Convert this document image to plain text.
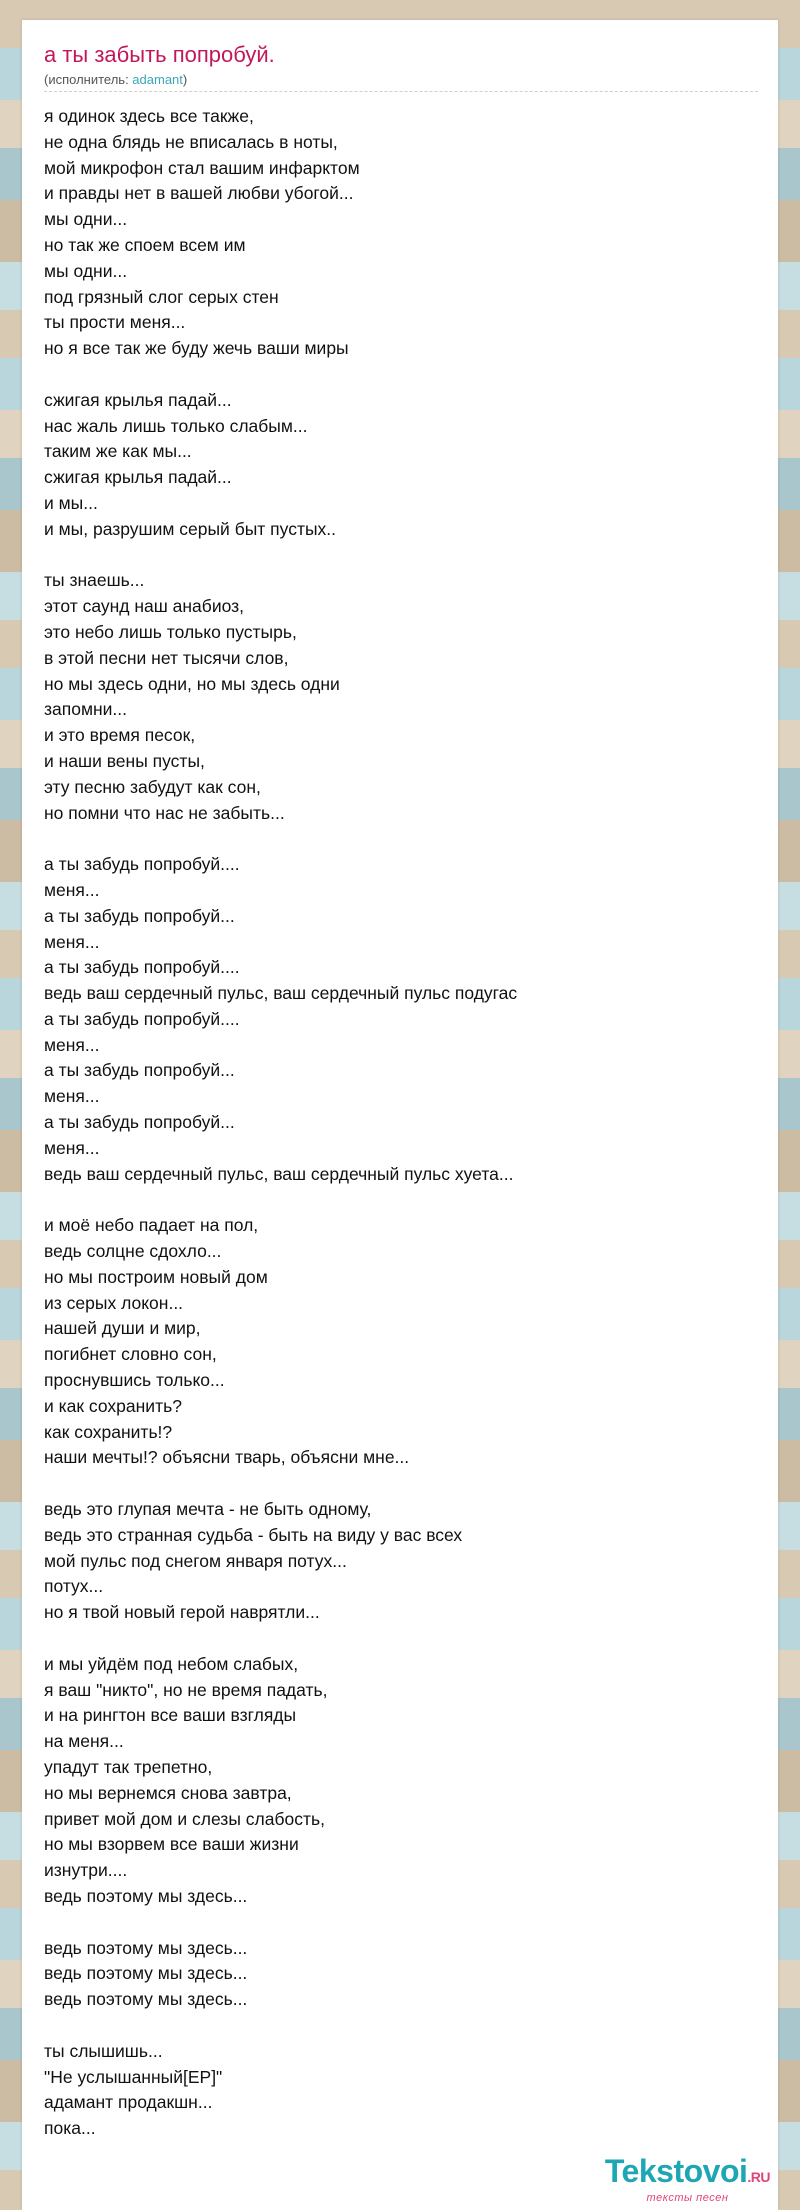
а ты забыть попробуй.
(исполнитель: adamant)
я одинок здесь все также,
не одна блядь не вписалась в ноты,
мой микрофон стал вашим инфарктом
и правды нет в вашей любви убогой...
мы одни...
но так же споем всем им
мы одни...
под грязный слог серых стен
ты прости меня...
но я все так же буду жечь ваши миры

сжигая крылья падай...
нас жаль лишь только слабым...
таким же как мы...
сжигая крылья падай...
и мы...
и мы, разрушим серый быт пустых..

ты знаешь...
этот саунд наш анабиоз,
это небо лишь только пустырь,
в этой песни нет тысячи слов,
но мы здесь одни, но мы здесь одни
запомни...
и это время песок,
и наши вены пусты,
эту песню забудут как сон,
но помни что нас не забыть...

а ты забудь попробуй....
меня...
а ты забудь попробуй...
меня...
а ты забудь попробуй....
ведь ваш сердечный пульс, ваш сердечный пульс подугас
а ты забудь попробуй....
меня...
а ты забудь попробуй...
меня...
а ты забудь попробуй...
меня...
ведь ваш сердечный пульс, ваш сердечный пульс хуета...

и моё небо падает на пол,
ведь солцне сдохло...
но мы построим новый дом
из серых локон...
нашей души и мир,
погибнет словно сон,
проснувшись только...
и как сохранить?
как сохранить!?
наши мечты!? объясни тварь, объясни мне...

ведь это глупая мечта - не быть одному,
ведь это странная судьба - быть на виду у вас всех
мой пульс под снегом января потух...
потух...
но я твой новый герой наврятли...

и мы уйдём под небом слабых,
я ваш "никто", но не время падать,
и на рингтон все ваши взгляды
на меня...
упадут так трепетно,
но мы вернемся снова завтра,
привет мой дом и слезы слабость,
но мы взорвем все ваши жизни
изнутри....
ведь поэтому мы здесь...

ведь поэтому мы здесь...
ведь поэтому мы здесь...
ведь поэтому мы здесь...

ты слышишь...
"Не услышанный[EP]"
адамант продакшн...
пока...
Tekstovoi.RU
тексты песен
